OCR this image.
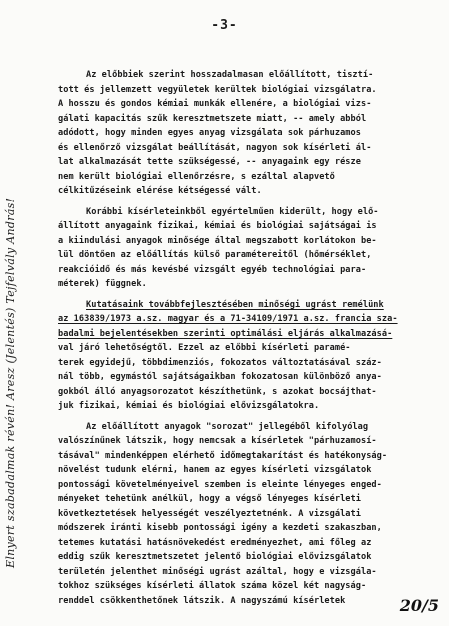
-3-
Az előbbiek szerint hosszadalmasan előállított, tisztí-
tott és jellemzett vegyületek kerültek biológiai vizsgálatra.
A hosszu és gondos kémiai munkák ellenére, a biológiai vizs-
gálati kapacitás szűk keresztmetszete miatt, -- amely abból
adódott, hogy minden egyes anyag vizsgálata sok párhuzamos
és ellenőrző vizsgálat beállítását, nagyon sok kísérleti ál-
lat alkalmazását tette szükségessé, -- anyagaink egy része
nem került biológiai ellenőrzésre, s ezáltal alapvető
célkitűzéseink elérése kétségessé vált.
Korábbi kísérleteinkből egyértelműen kiderült, hogy elő-
állított anyagaink fizikai, kémiai és biológiai sajátságai is
a kiindulási anyagok minősége által megszabott korlátokon be-
lül döntően az előállítás külső paramétereitől (hőmérséklet,
reakcióidő és más kevésbé vizsgált egyéb technológiai para-
méterek) függnek.
Kutatásaink továbbfejlesztésében minőségi ugrást remélünk
az 163839/1973 a.sz. magyar és a 71-34109/1971 a.sz. francia sza-
badalmi bejelentésekben szerinti optimálási eljárás alkalmazásá-
val járó lehetőségtől. Ezzel az előbbi kísérleti paramé-
terek egyidejű, többdimenziós, fokozatos változtatásával száz-
nál több, egymástól sajátságaikban fokozatosan különböző anya-
gokból álló anyagsorozatot készíthetünk, s azokat bocsájthat-
juk fizikai, kémiai és biológiai elővizsgálatokra.
Az előállított anyagok "sorozat" jellegéből kifolyólag
valószínűnek látszik, hogy nemcsak a kísérletek "párhuzamosí-
tásával" mindenképpen elérhető időmegtakarítást és hatékonyság-
növelést tudunk elérni, hanem az egyes kísérleti vizsgálatok
pontossági követelményeivel szemben is eleinte lényeges enged-
ményeket tehetünk anélkül, hogy a végső lényeges kísérleti
következtetések helyességét veszélyeztetnénk. A vizsgálati
módszerek iránti kisebb pontossági igény a kezdeti szakaszban,
tetemes kutatási hatásnövekedést eredményezhet, ami főleg az
eddig szűk keresztmetszetet jelentő biológiai elővizsgálatok
területén jelenthet minőségi ugrást azáltal, hogy e vizsgála-
tokhoz szükséges kísérleti állatok száma közel két nagyság-
renddel csökkenthetőnek látszik. A nagyszámú kísérletek
Elnyert szabadalmak révén! Aresz (Jelentés) Tejfelvály András!
20/5
